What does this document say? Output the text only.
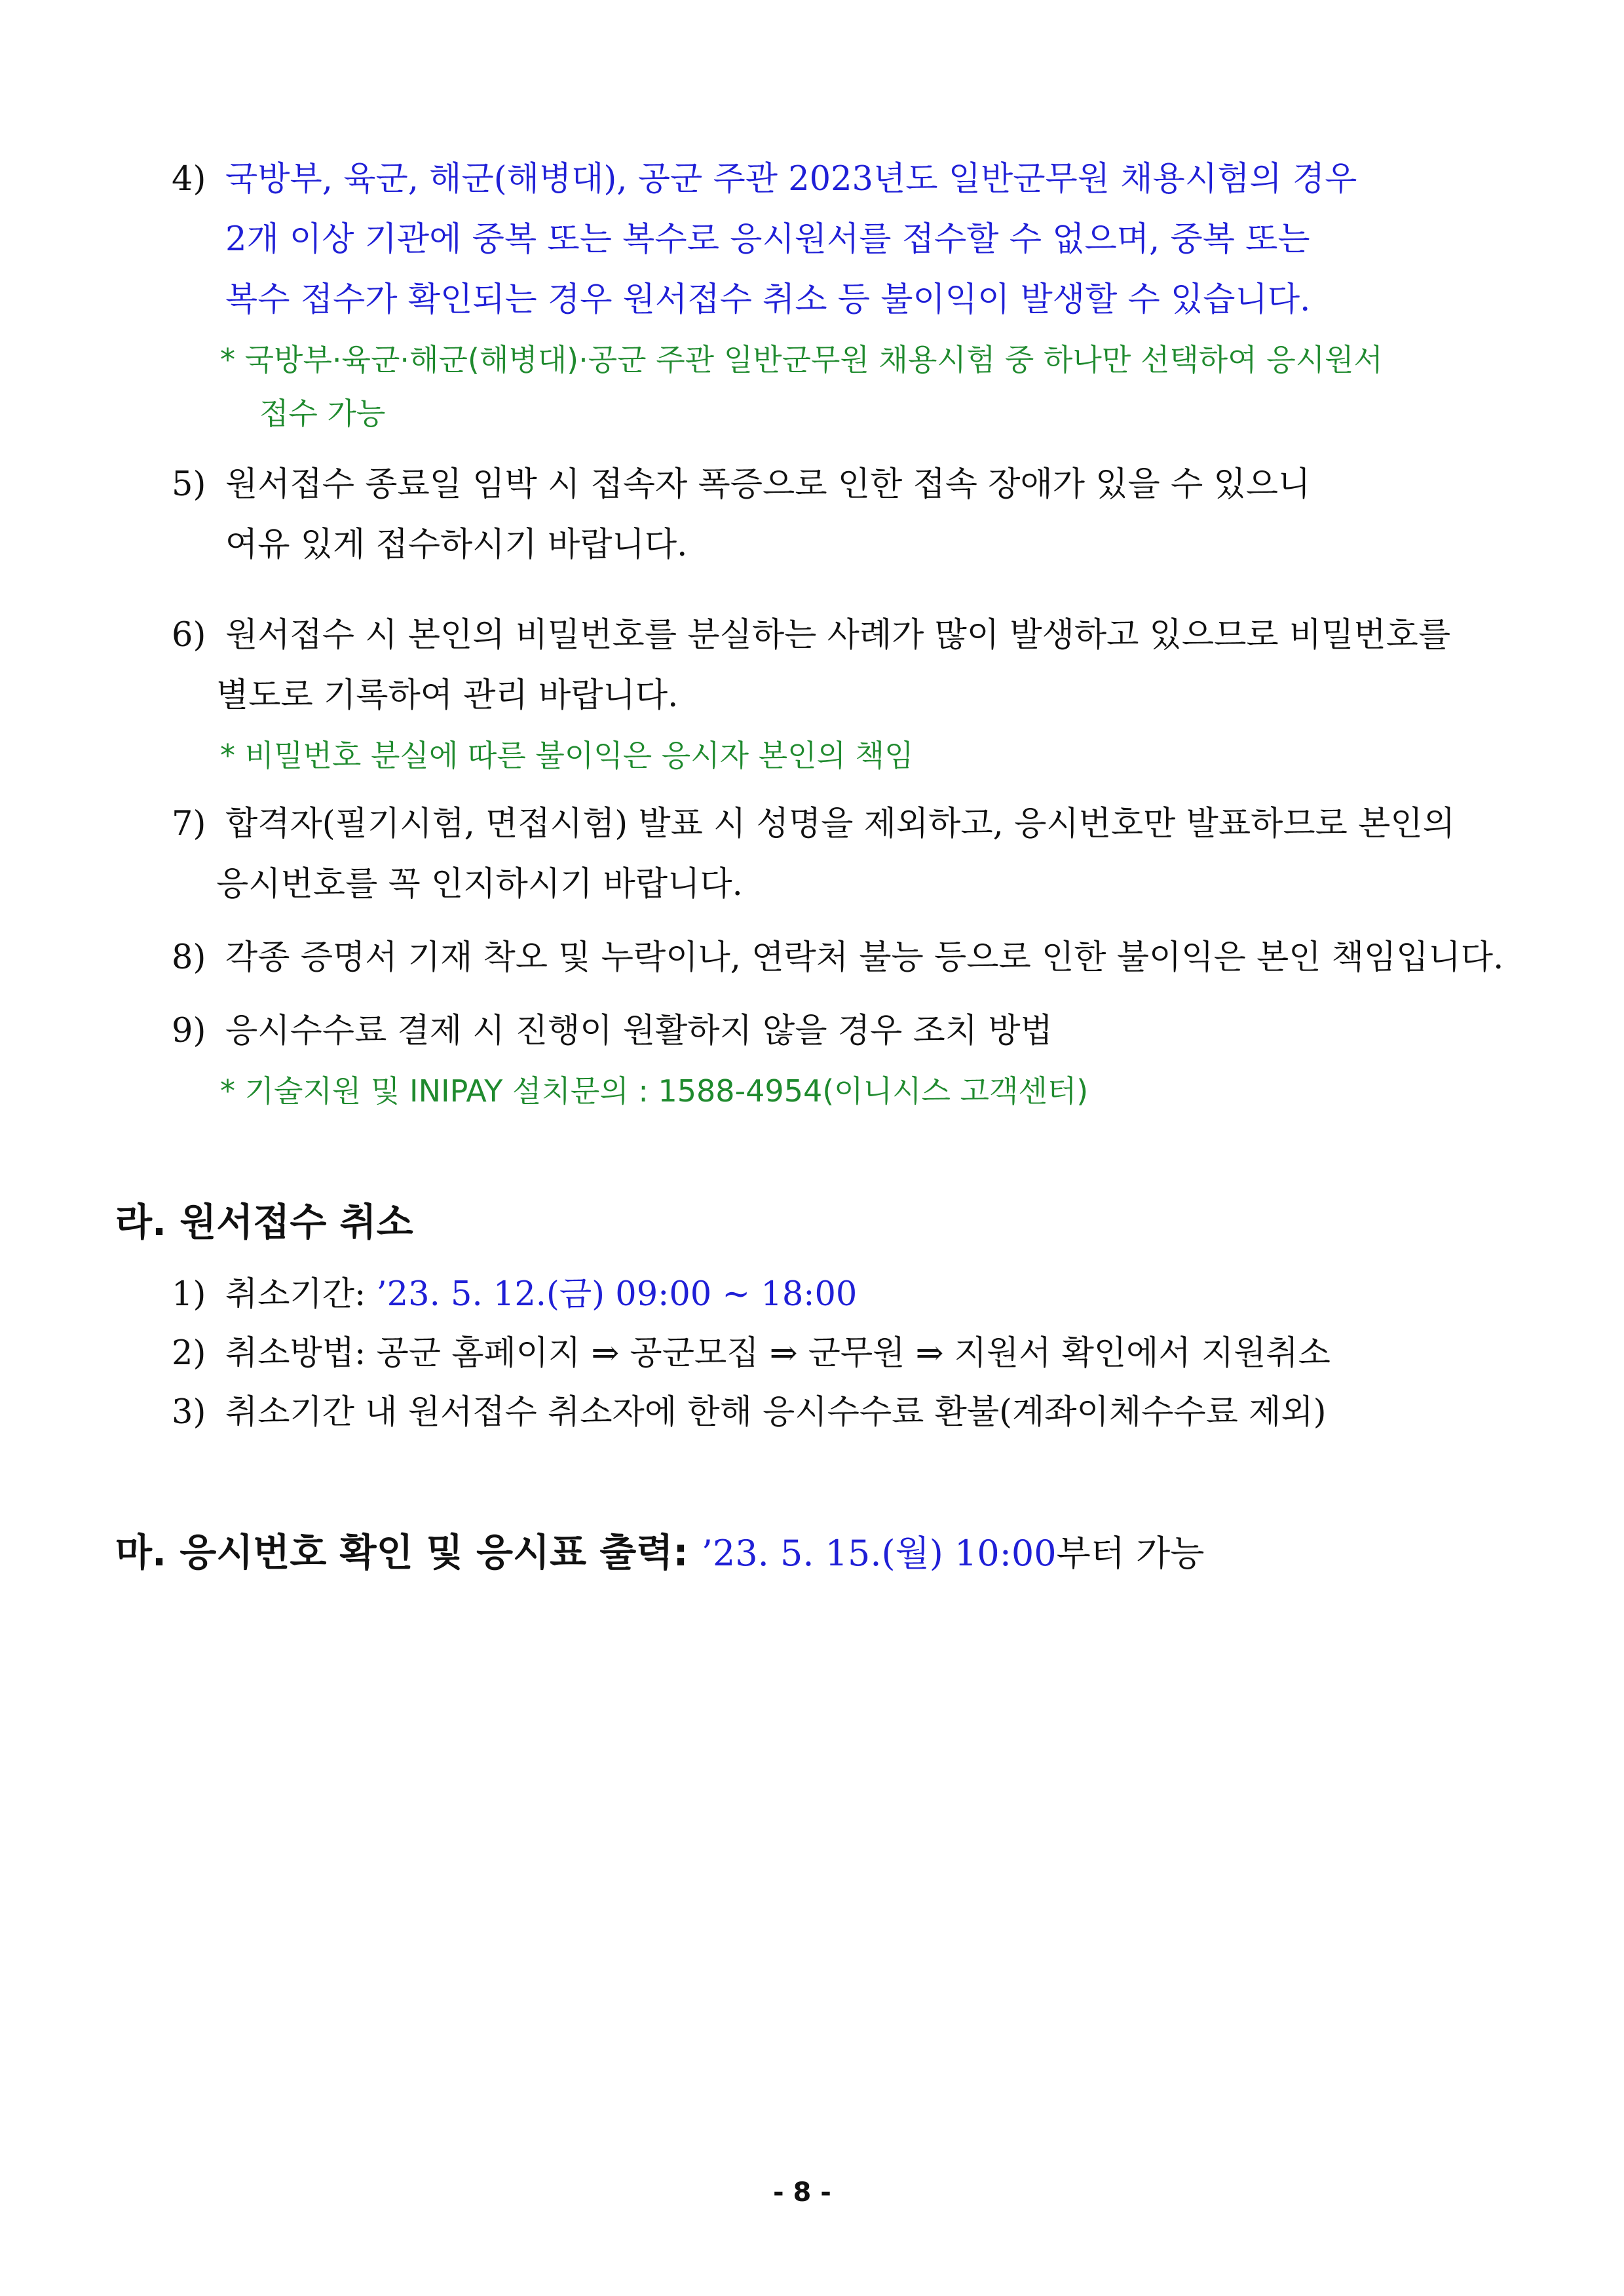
4) 국방부, 육군, 해군(해병대), 공군 주관 2023년도 일반군무원 채용시험의 경우
2개 이상 기관에 중복 또는 복수로 응시원서를 접수할 수 없으며, 중복 또는
복수 접수가 확인되는 경우 원서접수 취소 등 불이익이 발생할 수 있습니다.
* 국방부·육군·해군(해병대)·공군 주관 일반군무원 채용시험 중 하나만 선택하여 응시원서
접수 가능
5) 원서접수 종료일 임박 시 접속자 폭증으로 인한 접속 장애가 있을 수 있으니
여유 있게 접수하시기 바랍니다.
6) 원서접수 시 본인의 비밀번호를 분실하는 사례가 많이 발생하고 있으므로 비밀번호를
별도로 기록하여 관리 바랍니다.
* 비밀번호 분실에 따른 불이익은 응시자 본인의 책임
7) 합격자(필기시험, 면접시험) 발표 시 성명을 제외하고, 응시번호만 발표하므로 본인의
응시번호를 꼭 인지하시기 바랍니다.
8) 각종 증명서 기재 착오 및 누락이나, 연락처 불능 등으로 인한 불이익은 본인 책임입니다.
9) 응시수수료 결제 시 진행이 원활하지 않을 경우 조치 방법
* 기술지원 및 INIPAY 설치문의 : 1588-4954(이니시스 고객센터)
라. 원서접수 취소
1) 취소기간: ’23. 5. 12.(금) 09:00 ~ 18:00
2) 취소방법: 공군 홈페이지 ⇒ 공군모집 ⇒ 군무원 ⇒ 지원서 확인에서 지원취소
3) 취소기간 내 원서접수 취소자에 한해 응시수수료 환불(계좌이체수수료 제외)
마. 응시번호 확인 및 응시표 출력: ’23. 5. 15.(월) 10:00부터 가능
- 8 -
